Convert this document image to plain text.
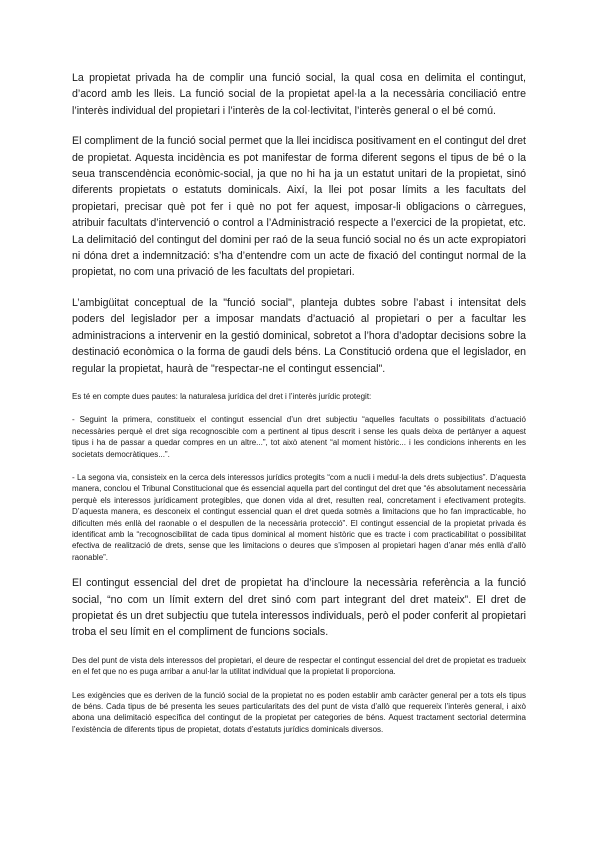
La propietat privada ha de complir una funció social, la qual cosa en delimita el contingut, d’acord amb les lleis. La funció social de la propietat apel·la a la necessària conciliació entre l’interès individual del propietari i l’interès de la col·lectivitat, l’interès general o el bé comú.

El compliment de la funció social permet que la llei incidisca positivament en el contingut del dret de propietat. Aquesta incidència es pot manifestar de forma diferent segons el tipus de bé o la seua transcendència econòmic-social, ja que no hi ha ja un estatut unitari de la propietat, sinó diferents propietats o estatuts dominicals. Així, la llei pot posar límits a les facultats del propietari, precisar què pot fer i què no pot fer aquest, imposar-li obligacions o càrregues, atribuir facultats d’intervenció o control a l’Administració respecte a l’exercici de la propietat, etc. La delimitació del contingut del domini per raó de la seua funció social no és un acte expropiatori ni dóna dret a indemnització: s’ha d’entendre com un acte de fixació del contingut normal de la propietat, no com una privació de les facultats del propietari.

L’ambigüitat conceptual de la "funció social", planteja dubtes sobre l’abast i intensitat dels poders del legislador per a imposar mandats d’actuació al propietari o per a facultar les administracions a intervenir en la gestió dominical, sobretot a l’hora d’adoptar decisions sobre la destinació econòmica o la forma de gaudi dels béns. La Constitució ordena que el legislador, en regular la propietat, haurà de "respectar-ne el contingut essencial".

Es té en compte dues pautes: la naturalesa jurídica del dret i l’interès jurídic protegit:

- Seguint la primera, constitueix el contingut essencial d’un dret subjectiu “aquelles facultats o possibilitats d’actuació necessàries perquè el dret siga recognoscible com a pertinent al tipus descrit i sense les quals deixa de pertànyer a aquest tipus i ha de passar a quedar compres en un altre...”, tot això atenent “al moment històric... i les condicions inherents en les societats democràtiques...”.

- La segona via, consisteix en la cerca dels interessos jurídics protegits “com a nucli i medul·la dels drets subjectius”. D’aquesta manera, conclou el Tribunal Constitucional que és essencial aquella part del contingut del dret que “és absolutament necessària perquè els interessos jurídicament protegibles, que donen vida al dret, resulten real, concretament i efectivament protegits. D’aquesta manera, es desconeix el contingut essencial quan el dret queda sotmès a limitacions que ho fan impracticable, ho dificulten més enllà del raonable o el despullen de la necessària protecció”. El contingut essencial de la propietat privada és identificat amb la “recognoscibilitat de cada tipus dominical al moment històric que es tracte i com practicabilitat o possibilitat efectiva de realització de drets, sense que les limitacions o deures que s’imposen al propietari hagen d’anar més enllà d’allò raonable”.

El contingut essencial del dret de propietat ha d’incloure la necessària referència a la funció social, “no com un límit extern del dret sinó com part integrant del dret mateix”. El dret de propietat és un dret subjectiu que tutela interessos individuals, però el poder conferit al propietari troba el seu límit en el compliment de funcions socials.

Des del punt de vista dels interessos del propietari, el deure de respectar el contingut essencial del dret de propietat es tradueix en el fet que no es puga arribar a anul·lar la utilitat individual que la propietat li proporciona.

Les exigències que es deriven de la funció social de la propietat no es poden establir amb caràcter general per a tots els tipus de béns. Cada tipus de bé presenta les seues particularitats des del punt de vista d’allò que requereix l’interès general, i això abona una delimitació específica del contingut de la propietat per categories de béns. Aquest tractament sectorial determina l’existència de diferents tipus de propietat, dotats d’estatuts jurídics dominicals diversos.
